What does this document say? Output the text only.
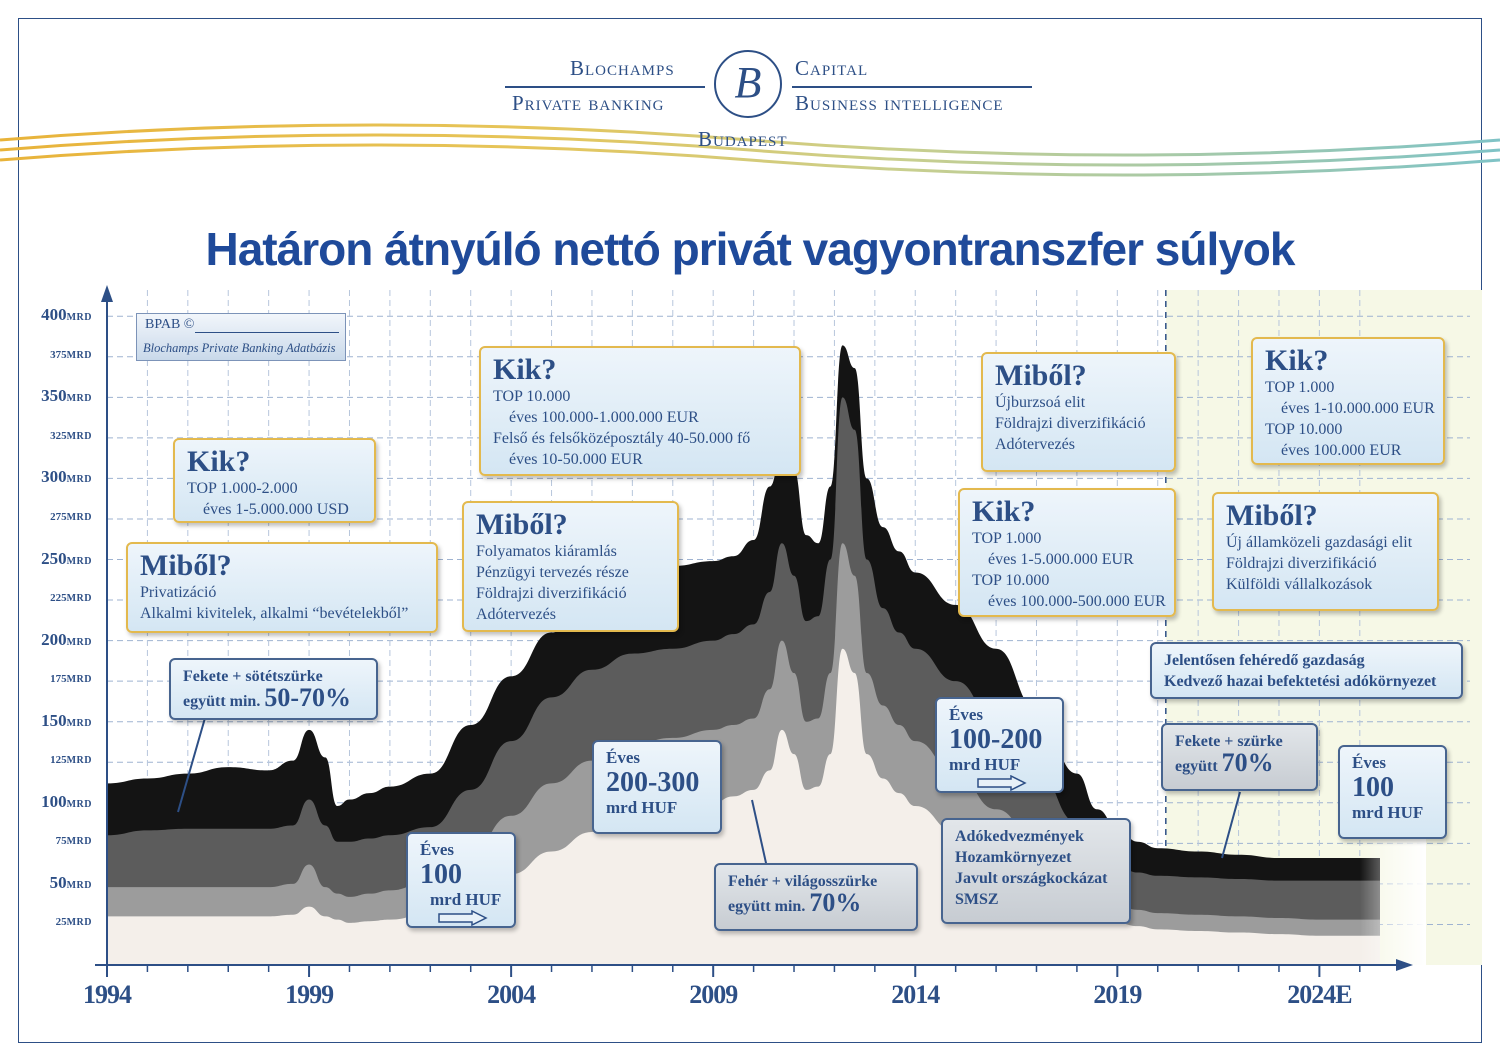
Blochamps	Capital
Private banking	Business intelligence
Budapest
B
Határon átnyúló nettó privát vagyontranszfer súlyok
400MRD
375MRD
350MRD
325MRD
300MRD
275MRD
250MRD
225MRD
200MRD
175MRD
150MRD
125MRD
100MRD
75MRD
50MRD
25MRD
1994	1999	2004	2009	2014	2019	2024E
BPAB ©
Blochamps Private Banking Adatbázis
Kik?
TOP 1.000-2.000
éves 1-5.000.000 USD
Miből?
Privatizáció
Alkalmi kivitelek, alkalmi “bevételekből”
Fekete + sötétszürke
együtt min. 50-70%
Éves
100
mrd HUF
Kik?
TOP 10.000
éves 100.000-1.000.000 EUR
Felső és felsőközéposztály 40-50.000 fő
éves 10-50.000 EUR
Miből?
Folyamatos kiáramlás
Pénzügyi tervezés része
Földrajzi diverzifikáció
Adótervezés
Éves
200-300
mrd HUF
Fehér + világosszürke
együtt min. 70%
Miből?
Újburzsoá elit
Földrajzi diverzifikáció
Adótervezés
Kik?
TOP 1.000
éves 1-5.000.000 EUR
TOP 10.000
éves 100.000-500.000 EUR
Éves
100-200
mrd HUF
Adókedvezmények
Hozamkörnyezet
Javult országkockázat
SMSZ
Kik?
TOP 1.000
éves 1-10.000.000 EUR
TOP 10.000
éves 100.000 EUR
Miből?
Új államközeli gazdasági elit
Földrajzi diverzifikáció
Külföldi vállalkozások
Jelentősen fehéredő gazdaság
Kedvező hazai befektetési adókörnyezet
Fekete + szürke
együtt 70%	Éves
100
mrd HUF
